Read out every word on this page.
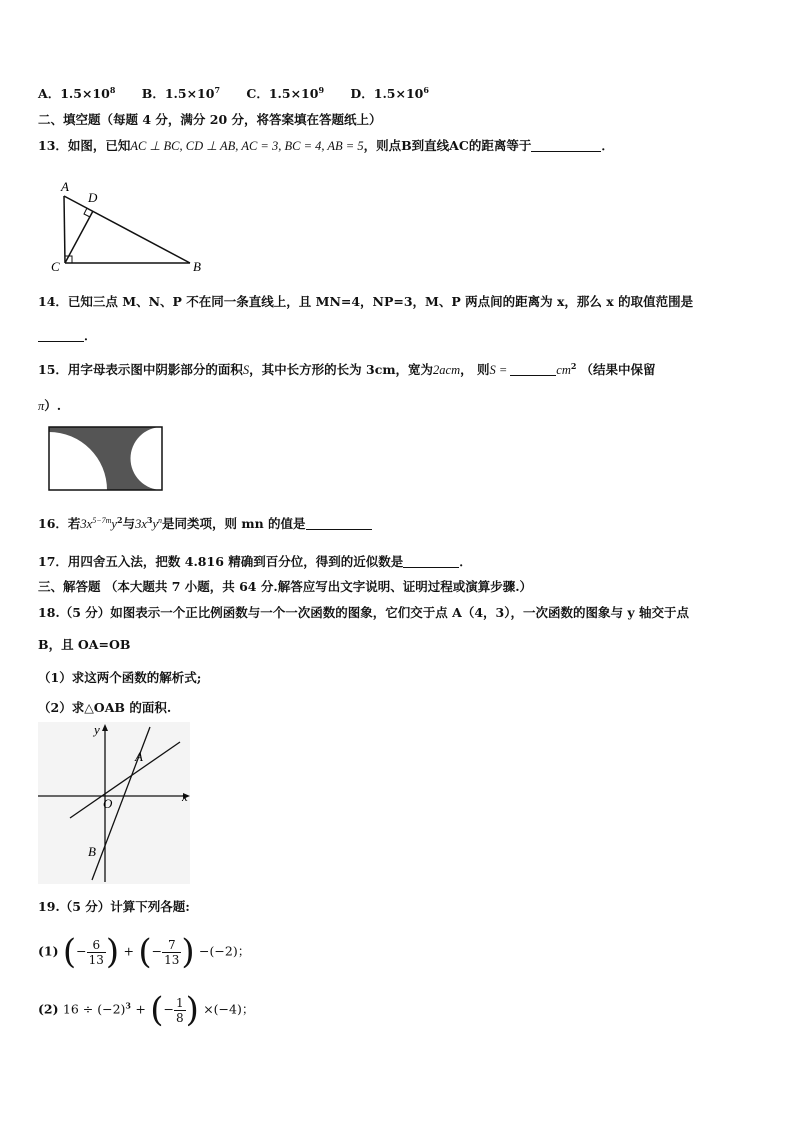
A．$1.5\times 10^8$ B．$1.5\times 10^7$ C．$1.5\times 10^9$ D．$1.5\times 10^6$
二、填空题（每题 4 分，满分 20 分，将答案填在答题纸上）
13．如图，已知AC ⊥ BC, CD ⊥ AB, AC = 3, BC = 4, AB = 5，则点B到直线AC的距离等于	．
A
D
C	B
14．已知三点 M、N、P 不在同一条直线上，且 MN=4，NP=3，M、P 两点间的距离为 x，那么 x 的取值范围是
．
15．用字母表示图中阴影部分的面积S，其中长方形的长为 3cm，宽为2acm， 则S =	$cm^2$ （结果中保留
π）.
16．若$3x^{5-7m}y^2$与$3x^3y^n$是同类项，则 mn 的值是
17．用四舍五入法，把数 4.816 精确到百分位，得到的近似数是	．
三、解答题 （本大题共 7 小题，共 64 分.解答应写出文字说明、证明过程或演算步骤.）
18.（5 分）如图表示一个正比例函数与一个一次函数的图象，它们交于点 A（4，3），一次函数的图象与 y 轴交于点
B，且 OA=OB
（1）求这两个函数的解析式;
（2）求△OAB 的面积.
y
x
O
A
B
19.（5 分）计算下列各题:
(1) (− $\frac{6}{13}$ ) + (− $\frac{7}{13}$ ) −(−2)；
(2) $16 \div (-2)^3$ + (− $\frac{1}{8}$ ) ×(−4)；
